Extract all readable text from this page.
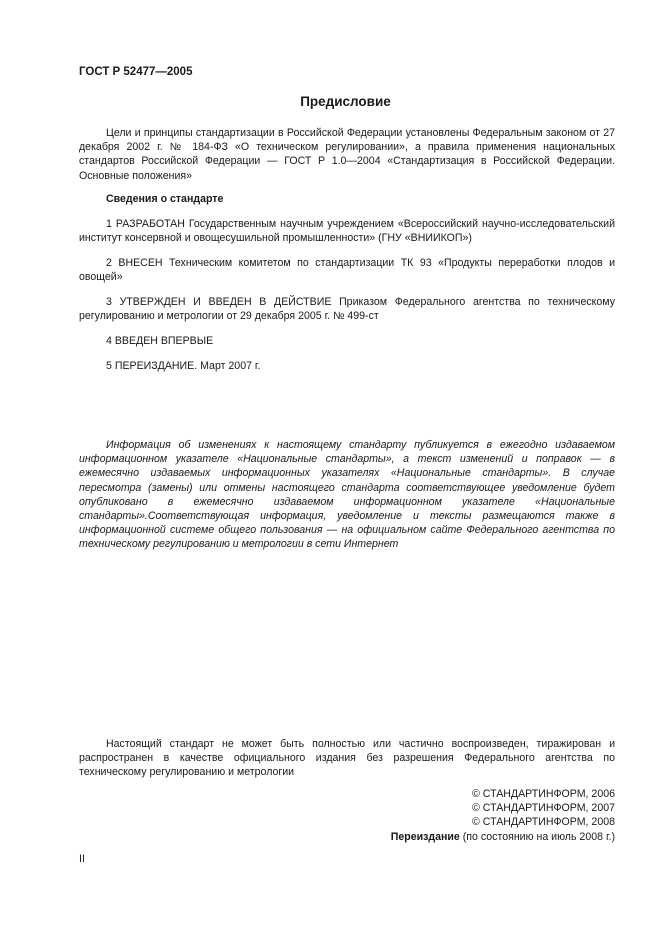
ГОСТ Р 52477—2005
Предисловие
Цели и принципы стандартизации в Российской Федерации установлены Федеральным законом от 27 декабря 2002 г. № 184-ФЗ «О техническом регулировании», а правила применения национальных стандартов Российской Федерации — ГОСТ Р 1.0—2004 «Стандартизация в Российской Федерации. Основные положения»
Сведения о стандарте
1 РАЗРАБОТАН Государственным научным учреждением «Всероссийский научно-исследовательский институт консервной и овощесушильной промышленности» (ГНУ «ВНИИКОП»)
2 ВНЕСЕН Техническим комитетом по стандартизации ТК 93 «Продукты переработки плодов и овощей»
3 УТВЕРЖДЕН И ВВЕДЕН В ДЕЙСТВИЕ Приказом Федерального агентства по техническому регулированию и метрологии от 29 декабря 2005 г. № 499-ст
4 ВВЕДЕН ВПЕРВЫЕ
5 ПЕРЕИЗДАНИЕ. Март 2007 г.
Информация об изменениях к настоящему стандарту публикуется в ежегодно издаваемом информационном указателе «Национальные стандарты», а текст изменений и поправок — в ежемесячно издаваемых информационных указателях «Национальные стандарты». В случае пересмотра (замены) или отмены настоящего стандарта соответствующее уведомление будет опубликовано в ежемесячно издаваемом информационном указателе «Национальные стандарты».Соответствующая информация, уведомление и тексты размещаются также в информационной системе общего пользования — на официальном сайте Федерального агентства по техническому регулированию и метрологии в сети Интернет
Настоящий стандарт не может быть полностью или частично воспроизведен, тиражирован и распространен в качестве официального издания без разрешения Федерального агентства по техническому регулированию и метрологии
© СТАНДАРТИНФОРМ, 2006
© СТАНДАРТИНФОРМ, 2007
© СТАНДАРТИНФОРМ, 2008
Переиздание (по состоянию на июль 2008 г.)
II
